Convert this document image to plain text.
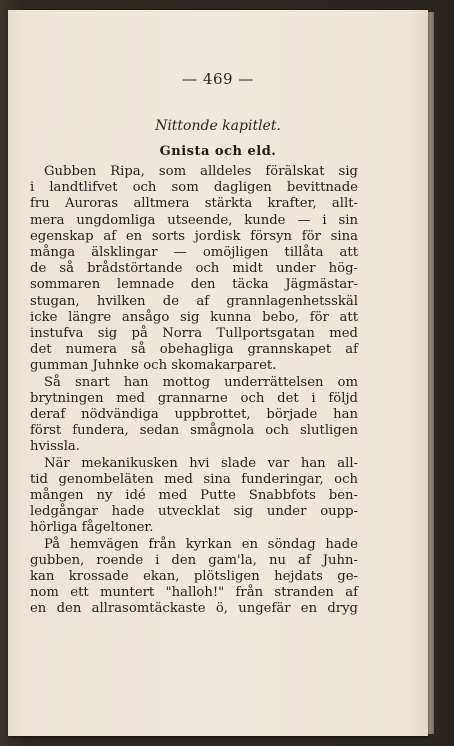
— 469 —
Nittonde kapitlet.
Gnista och eld.
Gubben Ripa, som alldeles förälskat sig
i landtlifvet och som dagligen bevittnade
fru Auroras alltmera stärkta krafter, allt-
mera ungdomliga utseende, kunde — i sin
egenskap af en sorts jordisk försyn för sina
många älsklingar — omöjligen tillåta att
de så brådstörtande och midt under hög-
sommaren lemnade den täcka Jägmästar-
stugan, hvilken de af grannlagenhetsskäl
icke längre ansågo sig kunna bebo, för att
instufva sig på Norra Tullportsgatan med
det numera så obehagliga grannskapet af
gumman Juhnke och skomakarparet.
Så snart han mottog underrättelsen om
brytningen med grannarne och det i följd
deraf nödvändiga uppbrottet, började han
först fundera, sedan smågnola och slutligen
hvissla.
När mekanikusken hvi slade var han all-
tid genombeläten med sina funderingar, och
mången ny idé med Putte Snabbfots ben-
ledgångar hade utvecklat sig under oupp-
hörliga fågeltoner.
På hemvägen från kyrkan en söndag hade
gubben, roende i den gam'la, nu af Juhn-
kan krossade ekan, plötsligen hejdats ge-
nom ett muntert "halloh!" från stranden af
en den allrasomtäckaste ö, ungefär en dryg
